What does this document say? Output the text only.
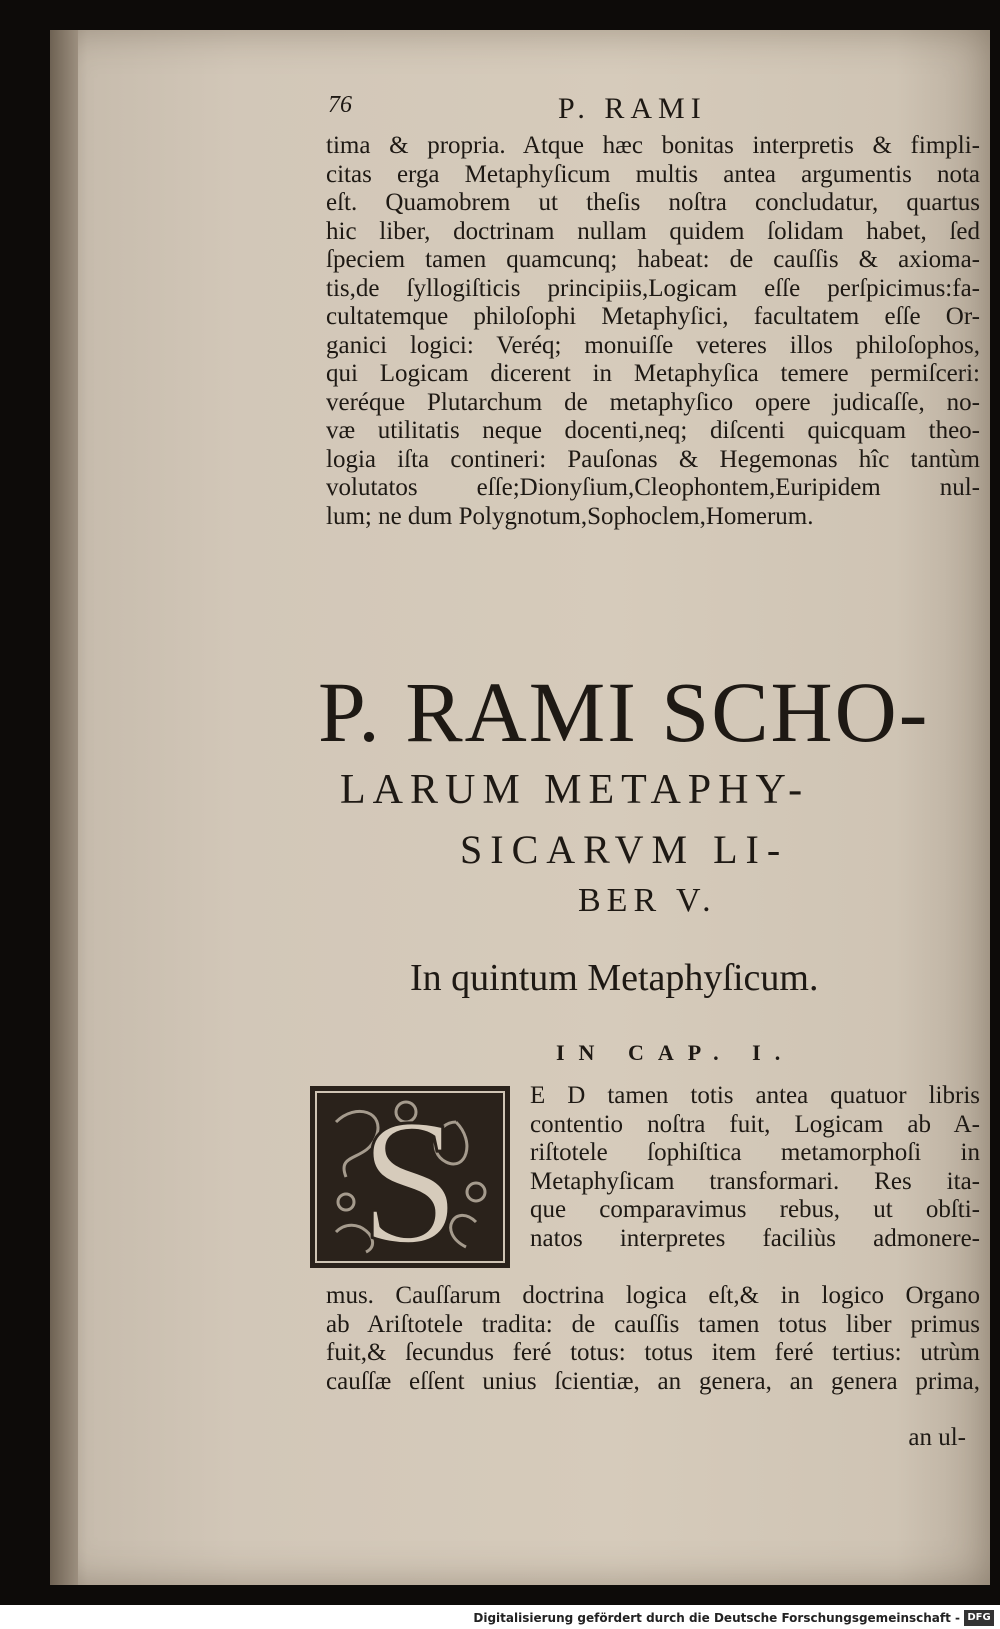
76	P. RAMI

tima & propria. Atque hæc bonitas interpretis & fimpli-
citas erga Metaphyſicum multis antea argumentis nota
eſt. Quamobrem ut theſis noſtra concludatur, quartus
hic liber, doctrinam nullam quidem ſolidam habet, ſed
ſpeciem tamen quamcunq; habeat: de cauſſis & axioma-
tis,de ſyllogiſticis principiis,Logicam eſſe perſpicimus:fa-
cultatemque philoſophi Metaphyſici, facultatem eſſe Or-
ganici logici: Veréq; monuiſſe veteres illos philoſophos,
qui Logicam dicerent in Metaphyſica temere permiſceri:
veréque Plutarchum de metaphyſico opere judicaſſe, no-
væ utilitatis neque docenti,neq; diſcenti quicquam theo-
logia iſta contineri: Pauſonas & Hegemonas hîc tantùm
volutatos eſſe;Dionyſium,Cleophontem,Euripidem nul-
lum; ne dum Polygnotum,Sophoclem,Homerum.

P. RAMI SCHO-
LARUM METAPHY-
SICARVM LI-
BER V.
In quintum Metaphyſicum.
IN CAP. I.
S	E D tamen totis antea quatuor libris
contentio noſtra fuit, Logicam ab A-
riſtotele ſophiſtica metamorphoſi in
Metaphyſicam transformari. Res ita-
que comparavimus rebus, ut obſti-
natos interpretes faciliùs admonere-

mus. Cauſſarum doctrina logica eſt,& in logico Organo
ab Ariſtotele tradita: de cauſſis tamen totus liber primus
fuit,& ſecundus feré totus: totus item feré tertius: utrùm
cauſſæ eſſent unius ſcientiæ, an genera, an genera prima,

an ul-
Digitalisierung gefördert durch die Deutsche Forschungsgemeinschaft - DFG
